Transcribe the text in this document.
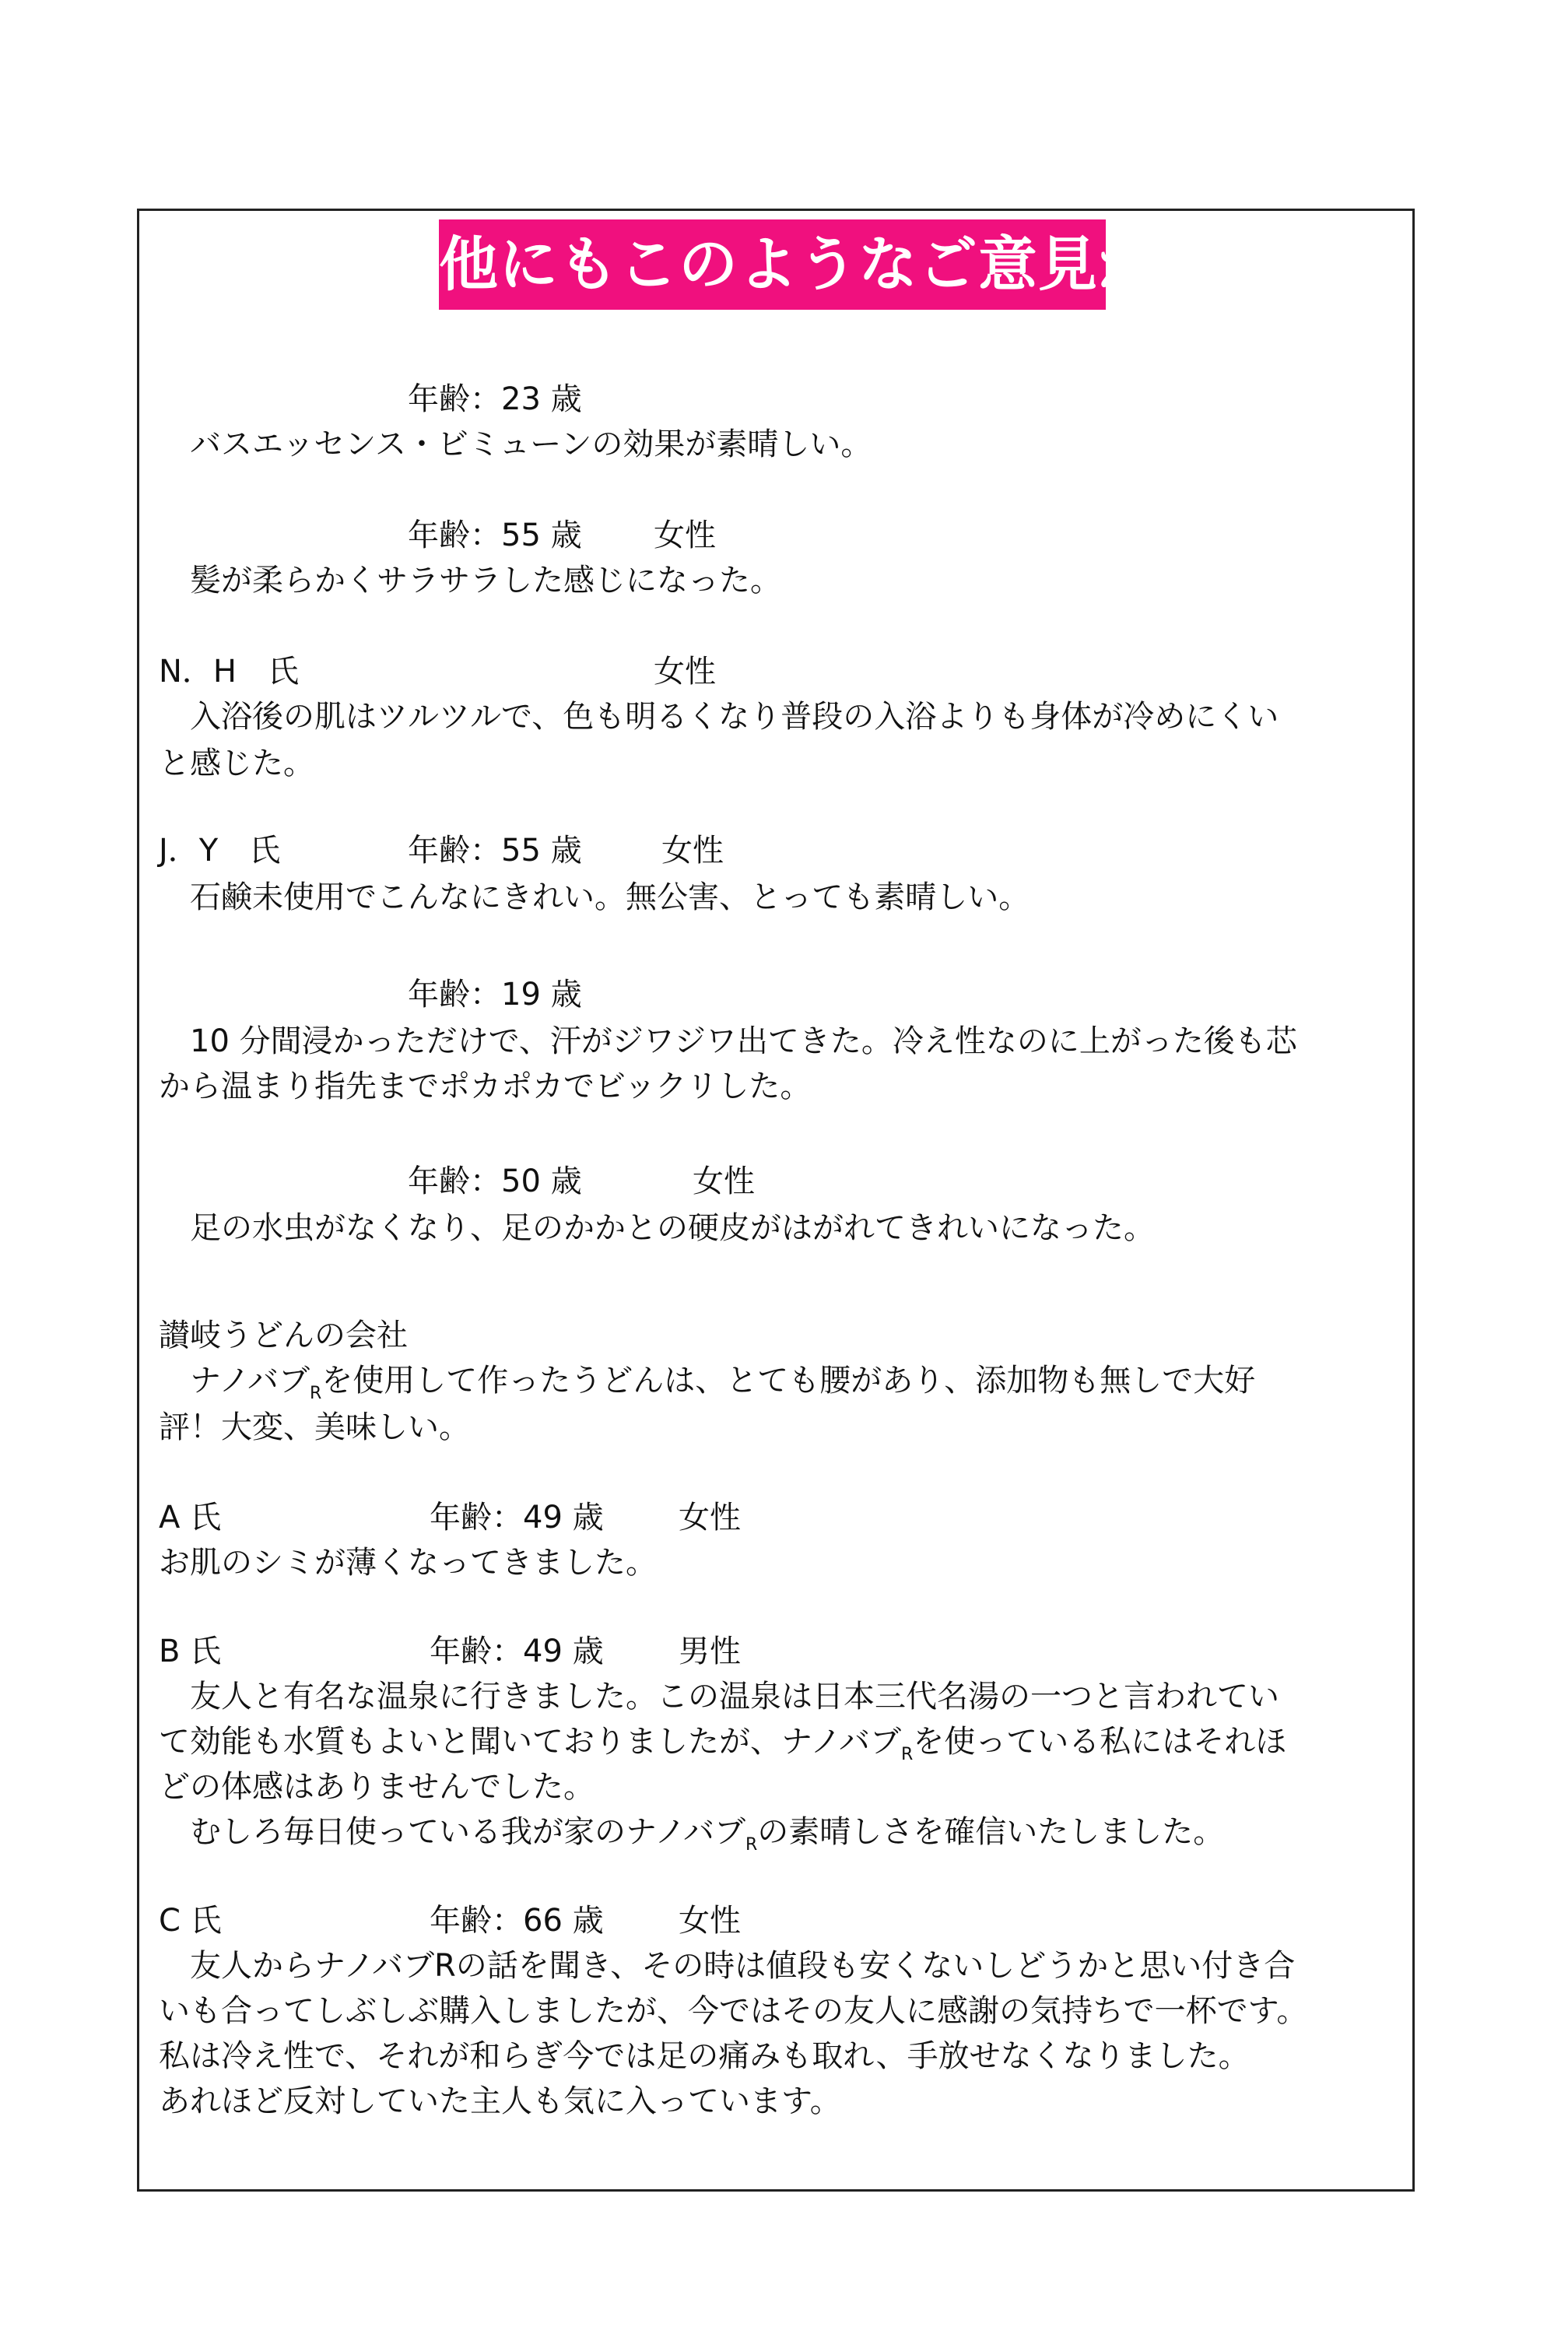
他にもこのようなご意見が。
年齢：23 歳
バスエッセンス・ビミューンの効果が素晴しい。
年齢：55 歳 女性
髪が柔らかくサラサラした感じになった。
N．H　氏	女性
入浴後の肌はツルツルで、色も明るくなり普段の入浴よりも身体が冷めにくい
と感じた。
J．Y　氏	年齢：55 歳	女性
石鹸未使用でこんなにきれい。無公害、とっても素晴しい。
年齢：19 歳
10 分間浸かっただけで、汗がジワジワ出てきた。冷え性なのに上がった後も芯
から温まり指先までポカポカでビックリした。
年齢：50 歳	女性
足の水虫がなくなり、足のかかとの硬皮がはがれてきれいになった。
讃岐うどんの会社
ナノバブ$_R$を使用して作ったうどんは、とても腰があり、添加物も無しで大好
評！大変、美味しい。
A 氏	年齢：49 歳 女性
お肌のシミが薄くなってきました。
B 氏	年齢：49 歳 男性
友人と有名な温泉に行きました。この温泉は日本三代名湯の一つと言われてい
て効能も水質もよいと聞いておりましたが、ナノバブ$_R$を使っている私にはそれほ
どの体感はありませんでした。
むしろ毎日使っている我が家のナノバブ$_R$の素晴しさを確信いたしました。
C 氏	年齢：66 歳 女性
友人からナノバブRの話を聞き、その時は値段も安くないしどうかと思い付き合
いも合ってしぶしぶ購入しましたが、今ではその友人に感謝の気持ちで一杯です。
私は冷え性で、それが和らぎ今では足の痛みも取れ、手放せなくなりました。
あれほど反対していた主人も気に入っています。
